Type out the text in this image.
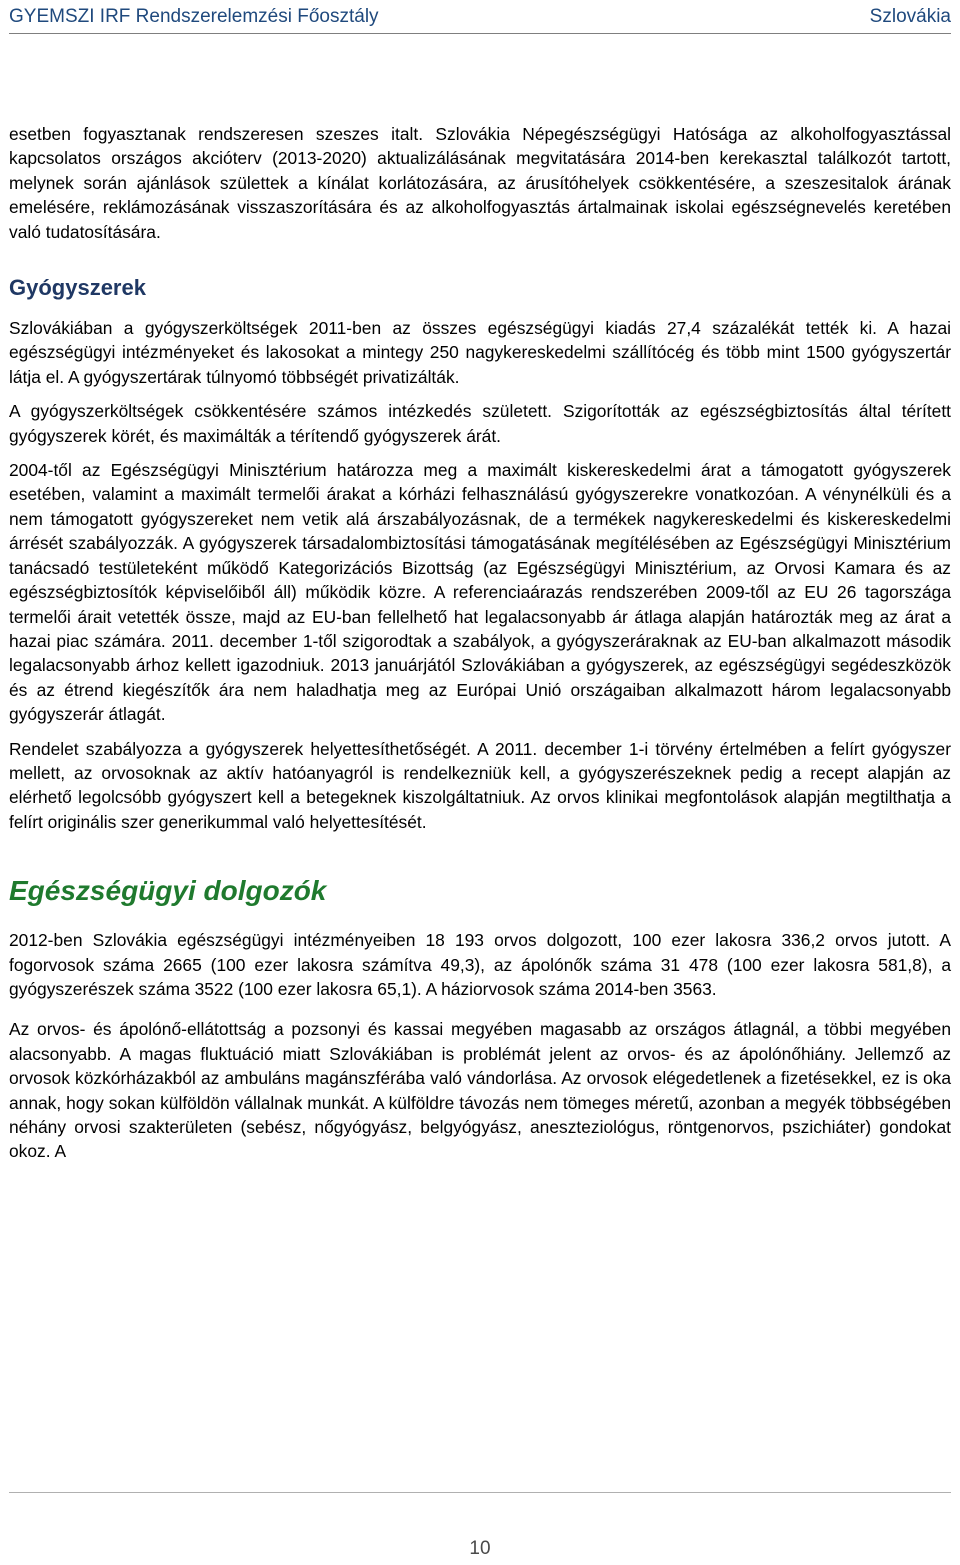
GYEMSZI IRF Rendszerelemzési Főosztály	Szlovákia

esetben fogyasztanak rendszeresen szeszes italt. Szlovákia Népegészségügyi Hatósága az alkoholfogyasztással kapcsolatos országos akcióterv (2013-2020) aktualizálásának megvitatására 2014-ben kerekasztal találkozót tartott, melynek során ajánlások születtek a kínálat korlátozására, az árusítóhelyek csökkentésére, a szeszesitalok árának emelésére, reklámozásának visszaszorítására és az alkoholfogyasztás ártalmainak iskolai egészségnevelés keretében való tudatosítására.

Gyógyszerek

Szlovákiában a gyógyszerköltségek 2011-ben az összes egészségügyi kiadás 27,4 százalékát tették ki. A hazai egészségügyi intézményeket és lakosokat a mintegy 250 nagykereskedelmi szállítócég és több mint 1500 gyógyszertár látja el. A gyógyszertárak túlnyomó többségét privatizálták.

A gyógyszerköltségek csökkentésére számos intézkedés született. Szigorították az egészségbiztosítás által térített gyógyszerek körét, és maximálták a térítendő gyógyszerek árát.

2004-től az Egészségügyi Minisztérium határozza meg a maximált kiskereskedelmi árat a támogatott gyógyszerek esetében, valamint a maximált termelői árakat a kórházi felhasználású gyógyszerekre vonatkozóan. A vénynélküli és a nem támogatott gyógyszereket nem vetik alá árszabályozásnak, de a termékek nagykereskedelmi és kiskereskedelmi árrését szabályozzák. A gyógyszerek társadalombiztosítási támogatásának megítélésében az Egészségügyi Minisztérium tanácsadó testületeként működő Kategorizációs Bizottság (az Egészségügyi Minisztérium, az Orvosi Kamara és az egészségbiztosítók képviselőiből áll) működik közre. A referenciaárazás rendszerében 2009-től az EU 26 tagországa termelői árait vetették össze, majd az EU-ban fellelhető hat legalacsonyabb ár átlaga alapján határozták meg az árat a hazai piac számára. 2011. december 1-től szigorodtak a szabályok, a gyógyszeráraknak az EU-ban alkalmazott második legalacsonyabb árhoz kellett igazodniuk. 2013 januárjától Szlovákiában a gyógyszerek, az egészségügyi segédeszközök és az étrend kiegészítők ára nem haladhatja meg az Európai Unió országaiban alkalmazott három legalacsonyabb gyógyszerár átlagát.

Rendelet szabályozza a gyógyszerek helyettesíthetőségét. A 2011. december 1-i törvény értelmében a felírt gyógyszer mellett, az orvosoknak az aktív hatóanyagról is rendelkezniük kell, a gyógyszerészeknek pedig a recept alapján az elérhető legolcsóbb gyógyszert kell a betegeknek kiszolgáltatniuk. Az orvos klinikai megfontolások alapján megtilthatja a felírt originális szer generikummal való helyettesítését.

Egészségügyi dolgozók

2012-ben Szlovákia egészségügyi intézményeiben 18 193 orvos dolgozott, 100 ezer lakosra 336,2 orvos jutott. A fogorvosok száma 2665 (100 ezer lakosra számítva 49,3), az ápolónők száma 31 478 (100 ezer lakosra 581,8), a gyógyszerészek száma 3522 (100 ezer lakosra 65,1). A háziorvosok száma 2014-ben 3563.

Az orvos- és ápolónő-ellátottság a pozsonyi és kassai megyében magasabb az országos átlagnál, a többi megyében alacsonyabb. A magas fluktuáció miatt Szlovákiában is problémát jelent az orvos- és az ápolónőhiány. Jellemző az orvosok közkórházakból az ambuláns magánszférába való vándorlása. Az orvosok elégedetlenek a fizetésekkel, ez is oka annak, hogy sokan külföldön vállalnak munkát. A külföldre távozás nem tömeges méretű, azonban a megyék többségében néhány orvosi szakterületen (sebész, nőgyógyász, belgyógyász, aneszteziológus, röntgenorvos, pszichiáter) gondokat okoz. A

10
